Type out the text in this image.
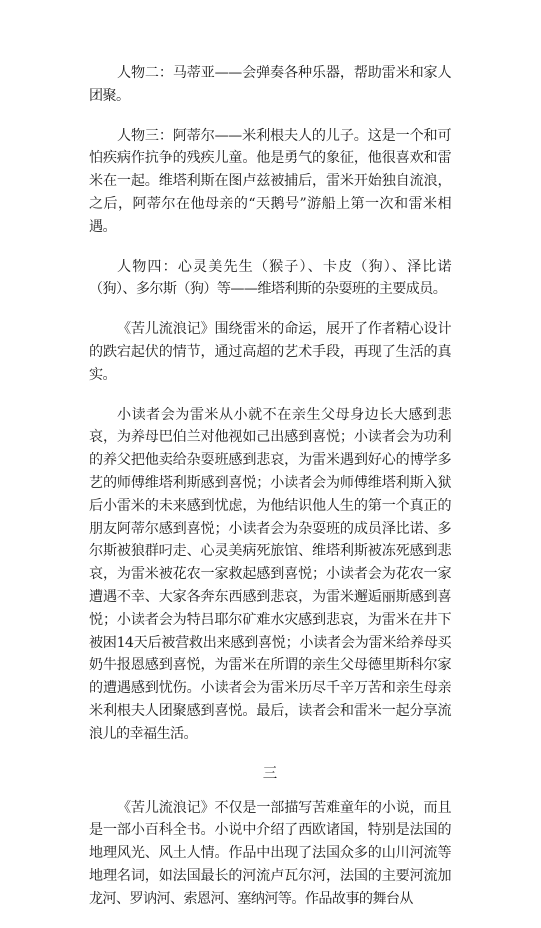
人物二：马蒂亚——会弹奏各种乐器，帮助雷米和家人团聚。

人物三：阿蒂尔——米利根夫人的儿子。这是一个和可怕疾病作抗争的残疾儿童。他是勇气的象征，他很喜欢和雷米在一起。维塔利斯在图卢兹被捕后，雷米开始独自流浪，之后，阿蒂尔在他母亲的“天鹅号”游船上第一次和雷米相遇。

人物四：心灵美先生（猴子）、卡皮（狗）、泽比诺（狗）、多尔斯（狗）等——维塔利斯的杂耍班的主要成员。

《苦儿流浪记》围绕雷米的命运，展开了作者精心设计的跌宕起伏的情节，通过高超的艺术手段，再现了生活的真实。

小读者会为雷米从小就不在亲生父母身边长大感到悲哀，为养母巴伯兰对他视如己出感到喜悦；小读者会为功利的养父把他卖给杂耍班感到悲哀，为雷米遇到好心的博学多艺的师傅维塔利斯感到喜悦；小读者会为师傅维塔利斯入狱后小雷米的未来感到忧虑，为他结识他人生的第一个真正的朋友阿蒂尔感到喜悦；小读者会为杂耍班的成员泽比诺、多尔斯被狼群叼走、心灵美病死旅馆、维塔利斯被冻死感到悲哀，为雷米被花农一家救起感到喜悦；小读者会为花农一家遭遇不幸、大家各奔东西感到悲哀，为雷米邂逅丽斯感到喜悦；小读者会为特吕耶尔矿难水灾感到悲哀，为雷米在井下被困14天后被营救出来感到喜悦；小读者会为雷米给养母买奶牛报恩感到喜悦，为雷米在所谓的亲生父母德里斯科尔家的遭遇感到忧伤。小读者会为雷米历尽千辛万苦和亲生母亲米利根夫人团聚感到喜悦。最后，读者会和雷米一起分享流浪儿的幸福生活。

三

《苦儿流浪记》不仅是一部描写苦难童年的小说，而且是一部小百科全书。小说中介绍了西欧诸国，特别是法国的地理风光、风土人情。作品中出现了法国众多的山川河流等地理名词，如法国最长的河流卢瓦尔河，法国的主要河流加龙河、罗讷河、索恩河、塞纳河等。作品故事的舞台从
